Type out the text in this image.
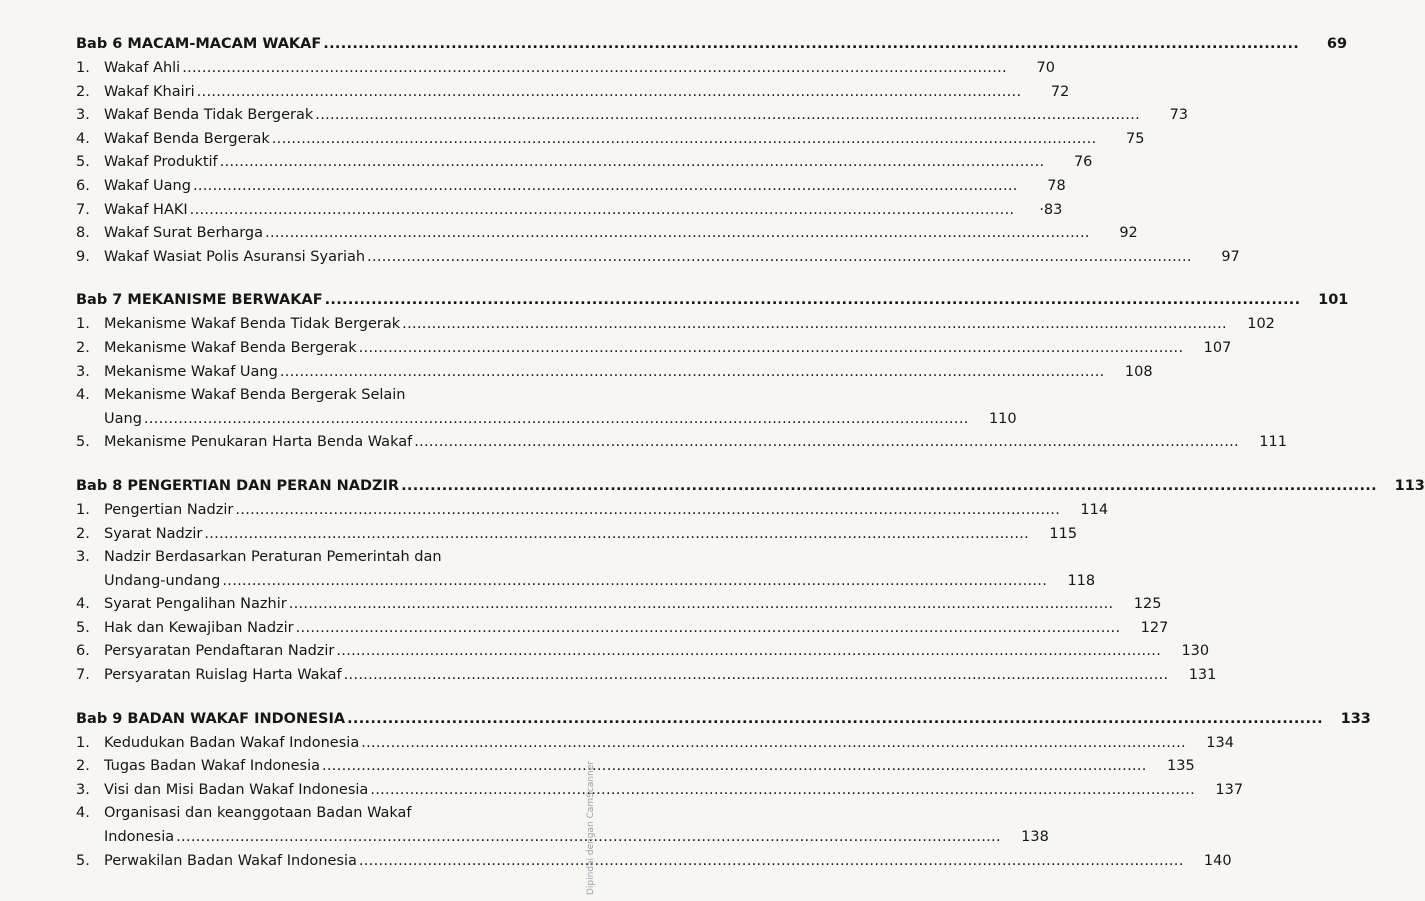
Bab 6 MACAM-MACAM WAKAF .....	69
1. Wakaf Ahli .....	70
2. Wakaf Khairi .....	72
3. Wakaf Benda Tidak Bergerak .....	73
4. Wakaf Benda Bergerak .....	75
5. Wakaf Produktif .....	76
6. Wakaf Uang .....	78
7. Wakaf HAKI .....	·83
8. Wakaf Surat Berharga .....	92
9. Wakaf Wasiat Polis Asuransi Syariah .....	97
Bab 7 MEKANISME BERWAKAF .....	101
1. Mekanisme Wakaf Benda Tidak Bergerak .....	102
2. Mekanisme Wakaf Benda Bergerak .....	107
3. Mekanisme Wakaf Uang .....	108
4. Mekanisme Wakaf Benda Bergerak Selain
Uang .....	110
5. Mekanisme Penukaran Harta Benda Wakaf .....	111
Bab 8 PENGERTIAN DAN PERAN NADZIR .....	113
1. Pengertian Nadzir .....	114
2. Syarat Nadzir .....	115
3. Nadzir Berdasarkan Peraturan Pemerintah dan
Undang-undang .....	118
4. Syarat Pengalihan Nazhir .....	125
5. Hak dan Kewajiban Nadzir .....	127
6. Persyaratan Pendaftaran Nadzir .....	130
7. Persyaratan Ruislag Harta Wakaf .....	131
Bab 9 BADAN WAKAF INDONESIA .....	133
1. Kedudukan Badan Wakaf Indonesia .....	134
2. Tugas Badan Wakaf Indonesia .....	135
3. Visi dan Misi Badan Wakaf Indonesia .....	137
4. Organisasi dan keanggotaan Badan Wakaf
Indonesia .....	138
5. Perwakilan Badan Wakaf Indonesia .....	140
Dipindai dengan CamScanner
